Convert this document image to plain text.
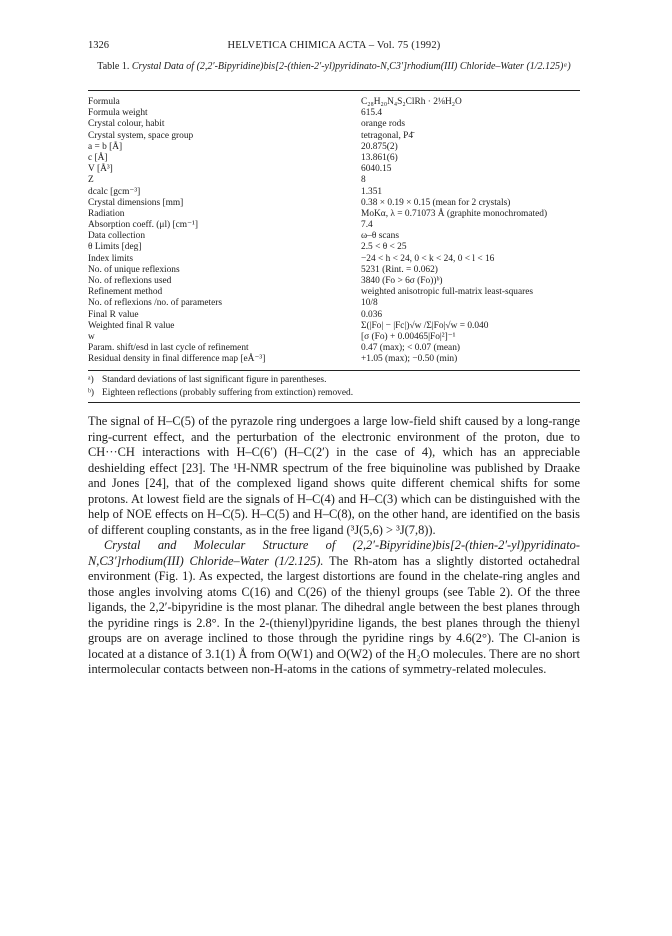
1326	HELVETICA CHIMICA ACTA – Vol. 75 (1992)
Table 1. Crystal Data of (2,2′-Bipyridine)bis[2-(thien-2′-yl)pyridinato-N,C3′]rhodium(III) Chloride–Water (1/2.125)ᵃ)
Formula	C₂₈H₂₀N₄S₂ClRh · 2⅛H₂O
Formula weight	615.4
Crystal colour, habit	orange rods
Crystal system, space group	tetragonal, P4̄
a = b [Å]	20.875(2)
c [Å]	13.861(6)
V [Å³]	6040.15
Z	8
dcalc [gcm⁻³]	1.351
Crystal dimensions [mm]	0.38 × 0.19 × 0.15 (mean for 2 crystals)
Radiation	MoKα, λ = 0.71073 Å (graphite monochromated)
Absorption coeff. (μl) [cm⁻¹]	7.4
Data collection	ω–θ scans
θ Limits [deg]	2.5 < θ < 25
Index limits	−24 < h < 24, 0 < k < 24, 0 < l < 16
No. of unique reflexions	5231 (Rint. = 0.062)
No. of reflexions used	3840 (Fo > 6σ (Fo))ᵇ)
Refinement method	weighted anisotropic full-matrix least-squares
No. of reflexions /no. of parameters	10/8
Final R value	0.036
Weighted final R value	Σ(|Fo| − |Fc|)√w /Σ|Fo|√w = 0.040
w	[σ (Fo) + 0.00465|Fo|²]⁻¹
Param. shift/esd in last cycle of refinement	0.47 (max); < 0.07 (mean)
Residual density in final difference map [eÅ⁻³]	+1.05 (max); −0.50 (min)
ᵃ) Standard deviations of last significant figure in parentheses.
ᵇ) Eighteen reflections (probably suffering from extinction) removed.

The signal of H–C(5) of the pyrazole ring undergoes a large low-field shift caused by a long-range ring-current effect, and the perturbation of the electronic environment of the proton, due to CH···CH interactions with H–C(6′) (H–C(2′) in the case of 4), which has an appreciable deshielding effect [23]. The ¹H-NMR spectrum of the free biquinoline was published by Draake and Jones [24], that of the complexed ligand shows quite different chemical shifts for some protons. At lowest field are the signals of H–C(4) and H–C(3) which can be distinguished with the help of NOE effects on H–C(5). H–C(5) and H–C(8), on the other hand, are identified on the basis of different coupling constants, as in the free ligand (³J(5,6) > ³J(7,8)).

Crystal and Molecular Structure of (2,2′-Bipyridine)bis[2-(thien-2′-yl)pyridinato-N,C3′]rhodium(III) Chloride–Water (1/2.125). The Rh-atom has a slightly distorted octahedral environment (Fig. 1). As expected, the largest distortions are found in the chelate-ring angles and those angles involving atoms C(16) and C(26) of the thienyl groups (see Table 2). Of the three ligands, the 2,2′-bipyridine is the most planar. The dihedral angle between the best planes through the pyridine rings is 2.8°. In the 2-(thienyl)pyridine ligands, the best planes through the thienyl groups are on average inclined to those through the pyridine rings by 4.6(2°). The Cl-anion is located at a distance of 3.1(1) Å from O(W1) and O(W2) of the H₂O molecules. There are no short intermolecular contacts between non-H-atoms in the cations of symmetry-related molecules.
